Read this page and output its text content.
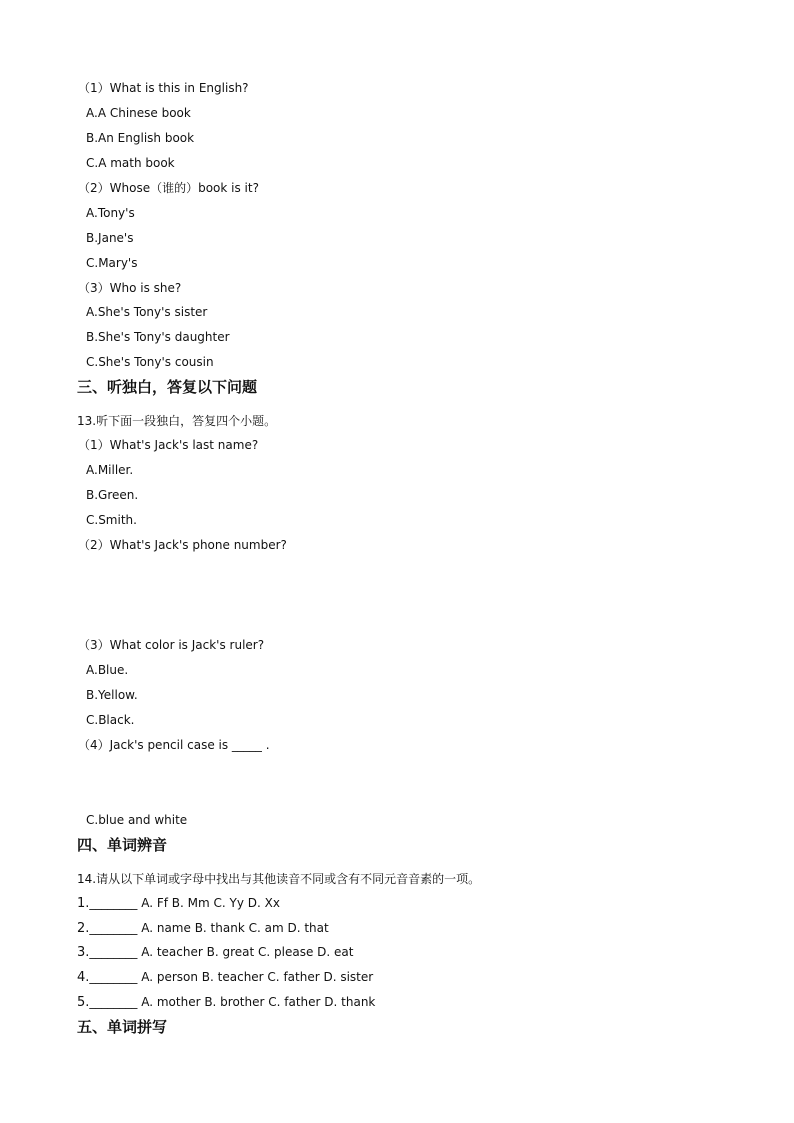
（1）What is this in English?
A.A Chinese book
B.An English book
C.A math book
（2）Whose（谁的）book is it?
A.Tony's
B.Jane's
C.Mary's
（3）Who is she?
A.She's Tony's sister
B.She's Tony's daughter
C.She's Tony's cousin
三、听独白，答复以下问题
13.听下面一段独白，答复四个小题。
（1）What's Jack's last name?
A.Miller.
B.Green.
C.Smith.
（2）What's Jack's phone number?
（3）What color is Jack's ruler?
A.Blue.
B.Yellow.
C.Black.
（4）Jack's pencil case is _____ .
C.blue and white
四、单词辨音
14.请从以下单词或字母中找出与其他读音不同或含有不同元音音素的一项。
1.________ A. Ff B. Mm C. Yy D. Xx
2.________ A. name B. thank C. am D. that
3.________ A. teacher B. great C. please D. eat
4.________ A. person B. teacher C. father D. sister
5.________ A. mother B. brother C. father D. thank
五、单词拼写
